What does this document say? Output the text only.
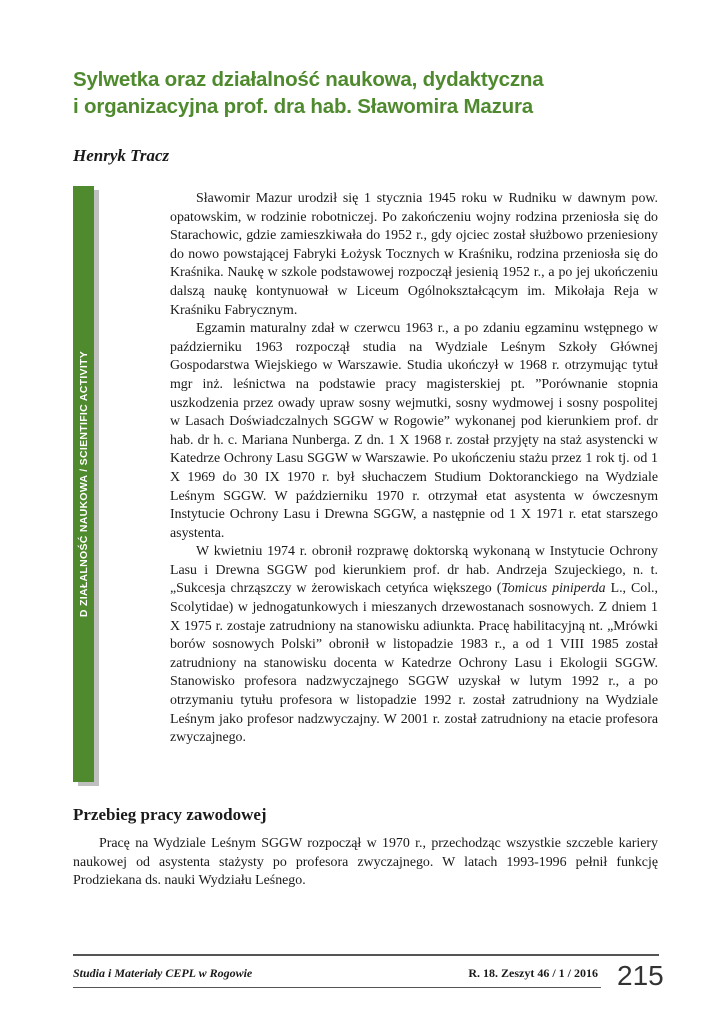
Sylwetka oraz działalność naukowa, dydaktyczna
i organizacyjna prof. dra hab. Sławomira Mazura

Henryk Tracz

D ZIAŁALNOŚĆ NAUKOWA / SCIENTIFIC ACTIVITY

Sławomir Mazur urodził się 1 stycznia 1945 roku w Rudniku w dawnym pow. opatowskim, w rodzinie robotniczej. Po zakończeniu wojny rodzina przeniosła się do Starachowic, gdzie zamieszkiwała do 1952 r., gdy ojciec został służbowo przeniesiony do nowo powstającej Fabryki Łożysk Tocznych w Kraśniku, rodzina przeniosła się do Kraśnika. Naukę w szkole podstawowej rozpoczął jesienią 1952 r., a po jej ukończeniu dalszą naukę kontynuował w Liceum Ogólnokształcącym im. Mikołaja Reja w Kraśniku Fabrycznym.

Egzamin maturalny zdał w czerwcu 1963 r., a po zdaniu egzaminu wstępnego w październiku 1963 rozpoczął studia na Wydziale Leśnym Szkoły Głównej Gospodarstwa Wiejskiego w Warszawie. Studia ukończył w 1968 r. otrzymując tytuł mgr inż. leśnictwa na podstawie pracy magisterskiej pt. ”Porównanie stopnia uszkodzenia przez owady upraw sosny wejmutki, sosny wydmowej i sosny pospolitej w Lasach Doświadczalnych SGGW w Rogowie” wykonanej pod kierunkiem prof. dr hab. dr h. c. Mariana Nunberga. Z dn. 1 X 1968 r. został przyjęty na staż asystencki w Katedrze Ochrony Lasu SGGW w Warszawie. Po ukończeniu stażu przez 1 rok tj. od 1 X 1969 do 30 IX 1970 r. był słuchaczem Studium Doktoranckiego na Wydziale Leśnym SGGW. W październiku 1970 r. otrzymał etat asystenta w ówczesnym Instytucie Ochrony Lasu i Drewna SGGW, a następnie od 1 X 1971 r. etat starszego asystenta.

W kwietniu 1974 r. obronił rozprawę doktorską wykonaną w Instytucie Ochrony Lasu i Drewna SGGW pod kierunkiem prof. dr hab. Andrzeja Szujeckiego, n. t. „Sukcesja chrząszczy w żerowiskach cetyńca większego (Tomicus piniperda L., Col., Scolytidae) w jednogatunkowych i mieszanych drzewostanach sosnowych. Z dniem 1 X 1975 r. zostaje zatrudniony na stanowisku adiunkta. Pracę habilitacyjną nt. „Mrówki borów sosnowych Polski” obronił w listopadzie 1983 r., a od 1 VIII 1985 został zatrudniony na stanowisku docenta w Katedrze Ochrony Lasu i Ekologii SGGW. Stanowisko profesora nadzwyczajnego SGGW uzyskał w lutym 1992 r., a po otrzymaniu tytułu profesora w listopadzie 1992 r. został zatrudniony na Wydziale Leśnym jako profesor nadzwyczajny. W 2001 r. został zatrudniony na etacie profesora zwyczajnego.

Przebieg pracy zawodowej

Pracę na Wydziale Leśnym SGGW rozpoczął w 1970 r., przechodząc wszystkie szczeble kariery naukowej od asystenta stażysty po profesora zwyczajnego. W latach 1993-1996 pełnił funkcję Prodziekana ds. nauki Wydziału Leśnego.

Studia i Materiały CEPL w Rogowie	R. 18. Zeszyt 46 / 1 / 2016 215
